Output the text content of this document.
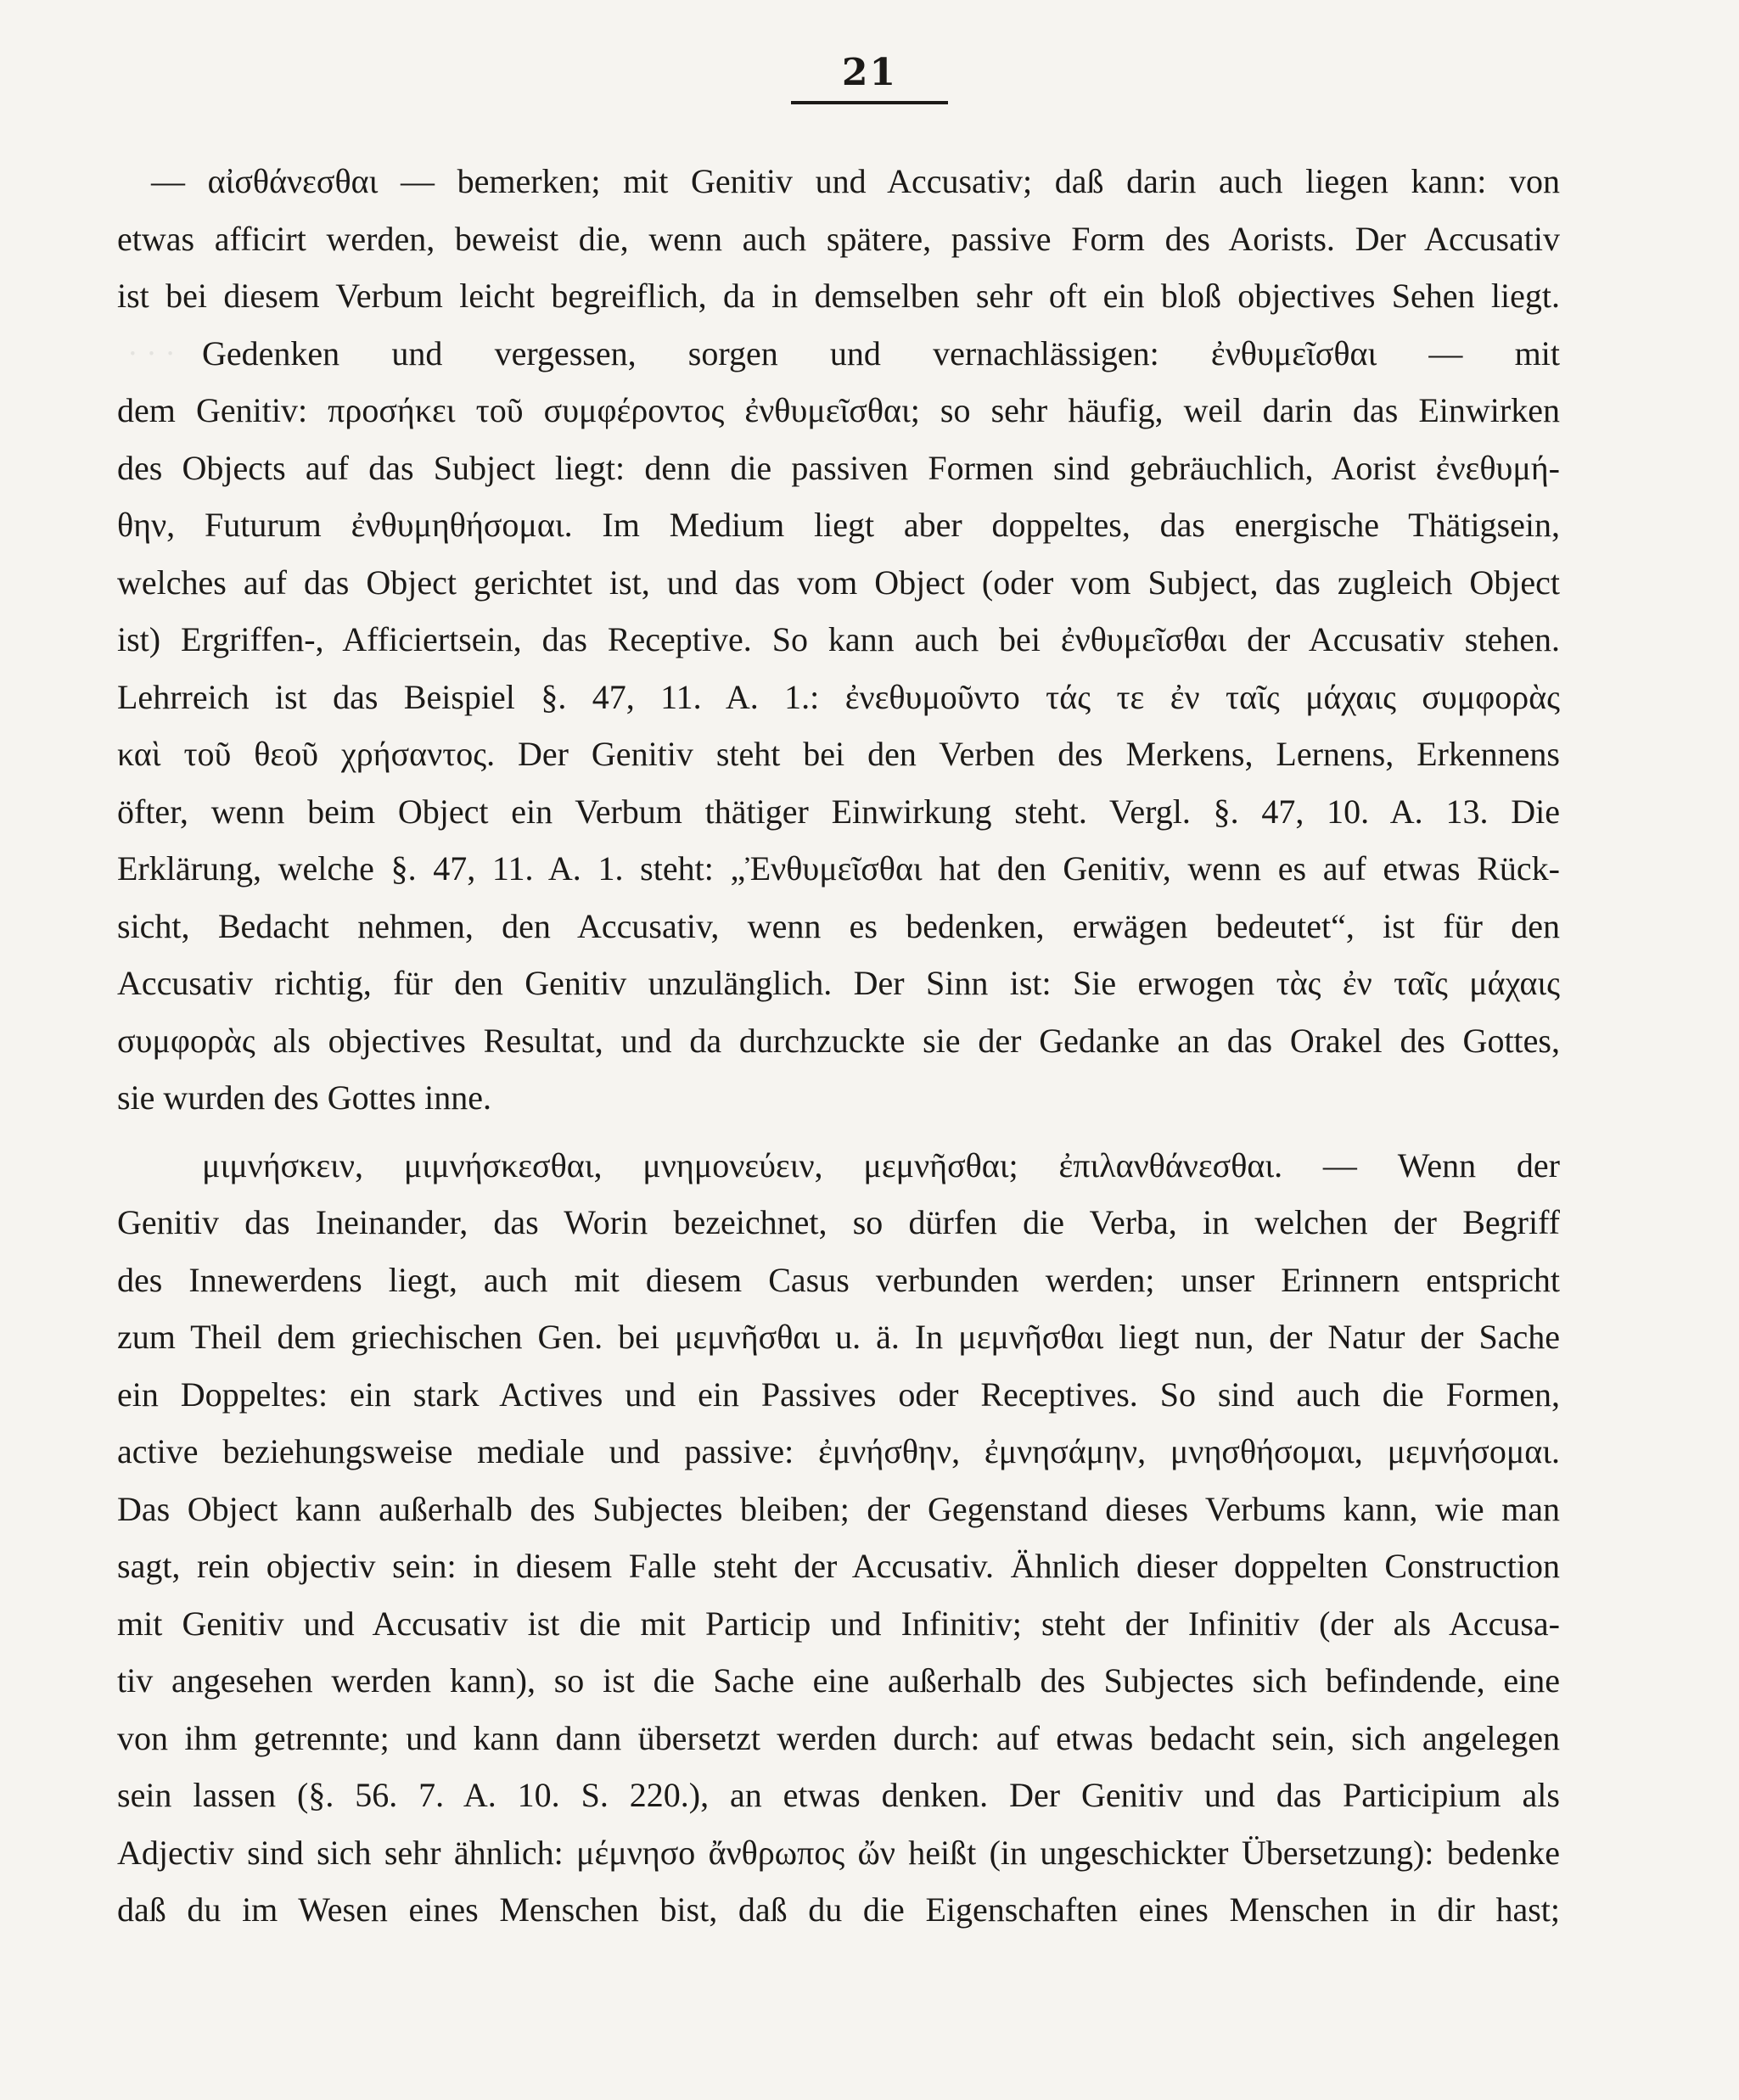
· · ·
21
— αἰσθάνεσθαι — bemerken; mit Genitiv und Accusativ; daß darin auch liegen kann: von
etwas afficirt werden, beweist die, wenn auch spätere, passive Form des Aorists. Der Accusativ
ist bei diesem Verbum leicht begreiflich, da in demselben sehr oft ein bloß objectives Sehen liegt.
Gedenken und vergessen, sorgen und vernachlässigen: ἐνθυμεῖσθαι — mit
dem Genitiv: προσήκει τοῦ συμφέροντος ἐνθυμεῖσθαι; so sehr häufig, weil darin das Einwirken
des Objects auf das Subject liegt: denn die passiven Formen sind gebräuchlich, Aorist ἐνεθυμή-
θην, Futurum ἐνθυμηθήσομαι. Im Medium liegt aber doppeltes, das energische Thätigsein,
welches auf das Object gerichtet ist, und das vom Object (oder vom Subject, das zugleich Object
ist) Ergriffen-, Afficiertsein, das Receptive. So kann auch bei ἐνθυμεῖσθαι der Accusativ stehen.
Lehrreich ist das Beispiel §. 47, 11. A. 1.: ἐνεθυμοῦντο τάς τε ἐν ταῖς μάχαις συμφορὰς
καὶ τοῦ θεοῦ χρήσαντος. Der Genitiv steht bei den Verben des Merkens, Lernens, Erkennens
öfter, wenn beim Object ein Verbum thätiger Einwirkung steht. Vergl. §. 47, 10. A. 13. Die
Erklärung, welche §. 47, 11. A. 1. steht: „Ἐνθυμεῖσθαι hat den Genitiv, wenn es auf etwas Rück-
sicht, Bedacht nehmen, den Accusativ, wenn es bedenken, erwägen bedeutet“, ist für den
Accusativ richtig, für den Genitiv unzulänglich. Der Sinn ist: Sie erwogen τὰς ἐν ταῖς μάχαις
συμφορὰς als objectives Resultat, und da durchzuckte sie der Gedanke an das Orakel des Gottes,
sie wurden des Gottes inne.
μιμνήσκειν, μιμνήσκεσθαι, μνημονεύειν, μεμνῆσθαι; ἐπιλανθάνεσθαι. — Wenn der
Genitiv das Ineinander, das Worin bezeichnet, so dürfen die Verba, in welchen der Begriff
des Innewerdens liegt, auch mit diesem Casus verbunden werden; unser Erinnern entspricht
zum Theil dem griechischen Gen. bei μεμνῆσθαι u. ä. In μεμνῆσθαι liegt nun, der Natur der Sache
ein Doppeltes: ein stark Actives und ein Passives oder Receptives. So sind auch die Formen,
active beziehungsweise mediale und passive: ἐμνήσθην, ἐμνησάμην, μνησθήσομαι, μεμνήσομαι.
Das Object kann außerhalb des Subjectes bleiben; der Gegenstand dieses Verbums kann, wie man
sagt, rein objectiv sein: in diesem Falle steht der Accusativ. Ähnlich dieser doppelten Construction
mit Genitiv und Accusativ ist die mit Particip und Infinitiv; steht der Infinitiv (der als Accusa-
tiv angesehen werden kann), so ist die Sache eine außerhalb des Subjectes sich befindende, eine
von ihm getrennte; und kann dann übersetzt werden durch: auf etwas bedacht sein, sich angelegen
sein lassen (§. 56. 7. A. 10. S. 220.), an etwas denken. Der Genitiv und das Participium als
Adjectiv sind sich sehr ähnlich: μέμνησο ἄνθρωπος ὤν heißt (in ungeschickter Übersetzung): bedenke
daß du im Wesen eines Menschen bist, daß du die Eigenschaften eines Menschen in dir hast;
